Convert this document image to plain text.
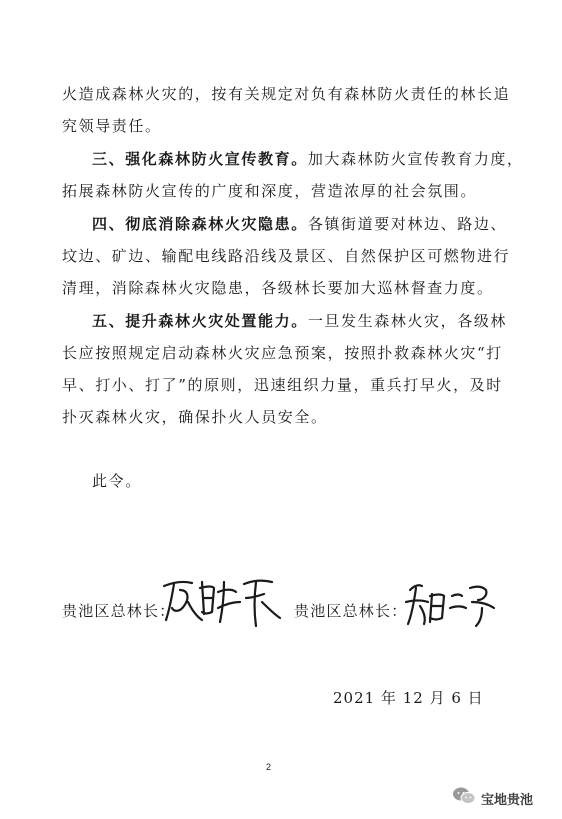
火造成森林火灾的，按有关规定对负有森林防火责任的林长追
究领导责任。
三、强化森林防火宣传教育。加大森林防火宣传教育力度，
拓展森林防火宣传的广度和深度，营造浓厚的社会氛围。
四、彻底消除森林火灾隐患。各镇街道要对林边、路边、
坟边、矿边、输配电线路沿线及景区、自然保护区可燃物进行
清理，消除森林火灾隐患，各级林长要加大巡林督查力度。
五、提升森林火灾处置能力。一旦发生森林火灾，各级林
长应按照规定启动森林火灾应急预案，按照扑救森林火灾“打
早、打小、打了”的原则，迅速组织力量，重兵打早火，及时
扑灭森林火灾，确保扑火人员安全。
此令。
贵池区总林长：	贵池区总林长：
2021 年 12 月 6 日
2
宝地贵池
